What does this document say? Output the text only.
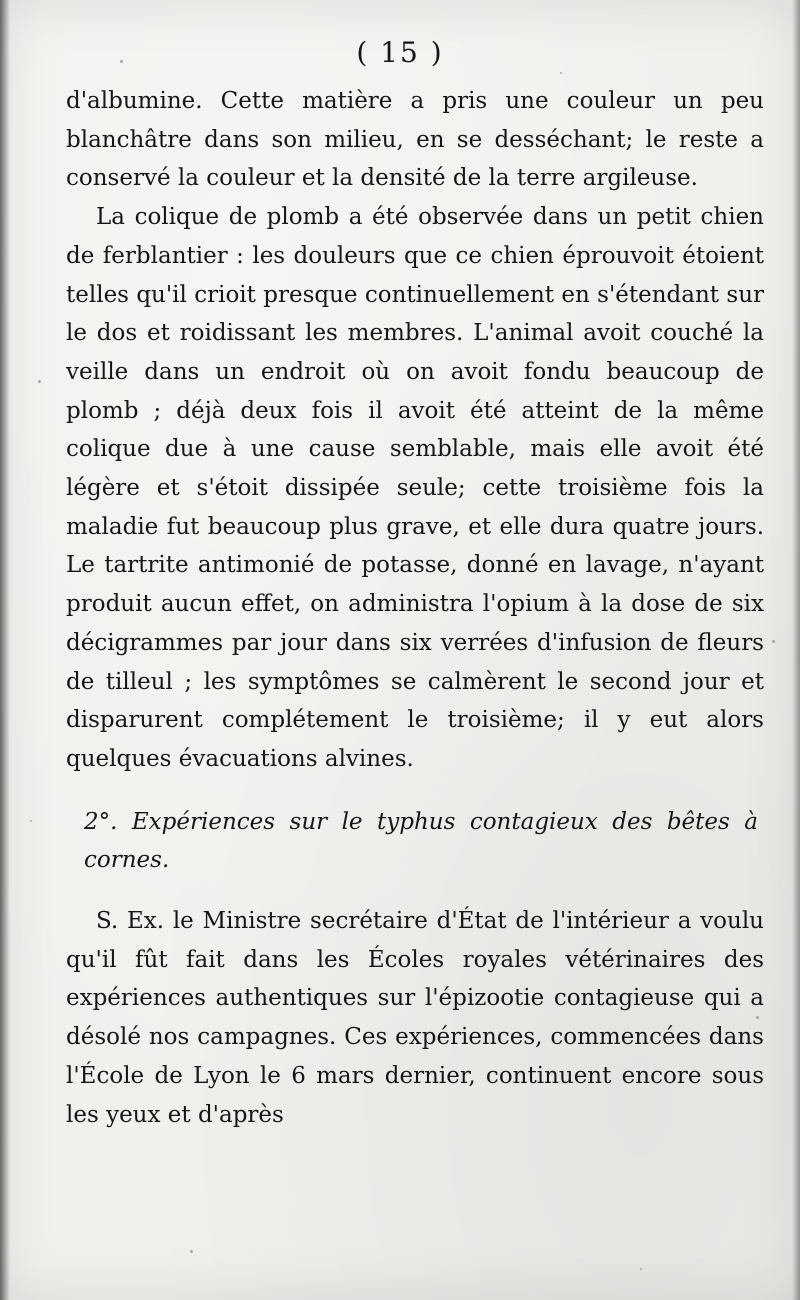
( 15 )

d'albumine. Cette matière a pris une couleur un peu blanchâtre dans son milieu, en se desséchant; le reste a conservé la couleur et la densité de la terre argileuse.

La colique de plomb a été observée dans un petit chien de ferblantier : les douleurs que ce chien éprouvoit étoient telles qu'il crioit presque continuellement en s'étendant sur le dos et roidissant les membres. L'animal avoit couché la veille dans un endroit où on avoit fondu beaucoup de plomb ; déjà deux fois il avoit été atteint de la même colique due à une cause semblable, mais elle avoit été légère et s'étoit dissipée seule; cette troisième fois la maladie fut beaucoup plus grave, et elle dura quatre jours. Le tartrite antimonié de potasse, donné en lavage, n'ayant produit aucun effet, on administra l'opium à la dose de six décigrammes par jour dans six verrées d'infusion de fleurs de tilleul ; les symptômes se calmèrent le second jour et disparurent complétement le troisième; il y eut alors quelques évacuations alvines.

2°. Expériences sur le typhus contagieux des bêtes à cornes.

S. Ex. le Ministre secrétaire d'État de l'intérieur a voulu qu'il fût fait dans les Écoles royales vétérinaires des expériences authentiques sur l'épizootie contagieuse qui a désolé nos campagnes. Ces expériences, commencées dans l'École de Lyon le 6 mars dernier, continuent encore sous les yeux et d'après
